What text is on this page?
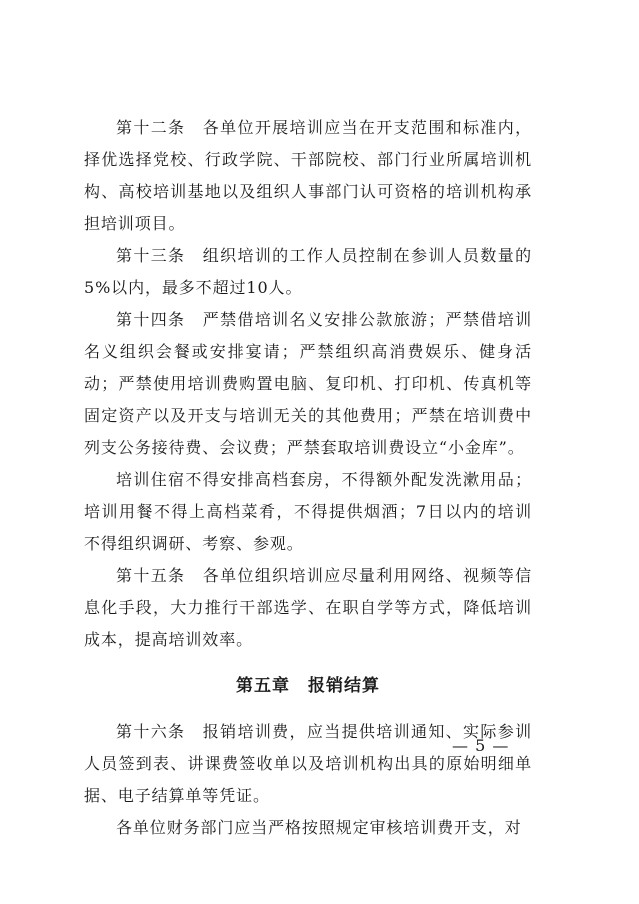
第十二条　各单位开展培训应当在开支范围和标准内，择优选择党校、行政学院、干部院校、部门行业所属培训机构、高校培训基地以及组织人事部门认可资格的培训机构承担培训项目。

第十三条　组织培训的工作人员控制在参训人员数量的5%以内，最多不超过10人。

第十四条　严禁借培训名义安排公款旅游；严禁借培训名义组织会餐或安排宴请；严禁组织高消费娱乐、健身活动；严禁使用培训费购置电脑、复印机、打印机、传真机等固定资产以及开支与培训无关的其他费用；严禁在培训费中列支公务接待费、会议费；严禁套取培训费设立“小金库”。

培训住宿不得安排高档套房，不得额外配发洗漱用品；培训用餐不得上高档菜肴，不得提供烟酒；7日以内的培训不得组织调研、考察、参观。

第十五条　各单位组织培训应尽量利用网络、视频等信息化手段，大力推行干部选学、在职自学等方式，降低培训成本，提高培训效率。

第五章 报销结算

第十六条　报销培训费，应当提供培训通知、实际参训人员签到表、讲课费签收单以及培训机构出具的原始明细单据、电子结算单等凭证。

各单位财务部门应当严格按照规定审核培训费开支，对

— 5 —
